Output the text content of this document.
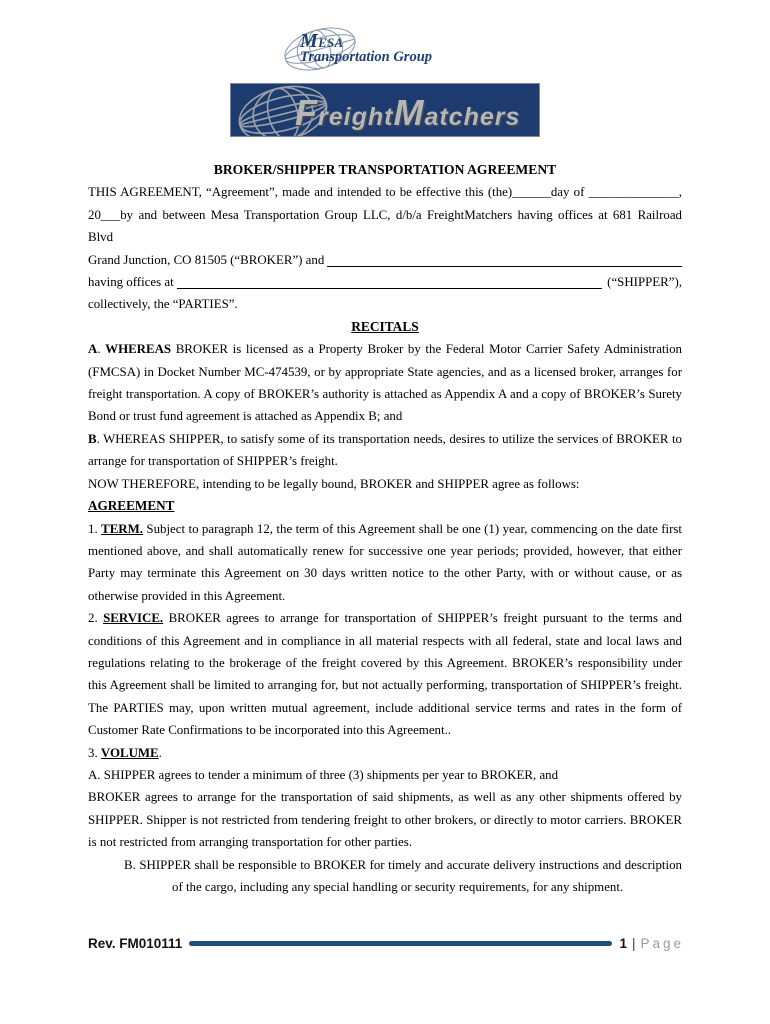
MESA
Transportation Group
FreightMatchers
BROKER/SHIPPER TRANSPORTATION AGREEMENT

THIS AGREEMENT, “Agreement”, made and intended to be effective this (the)______day of ______________,

20___by and between Mesa Transportation Group LLC, d/b/a FreightMatchers having offices at 681 Railroad Blvd

Grand Junction, CO 81505 (“BROKER”) and
having offices at	(“SHIPPER”),

collectively, the “PARTIES”.

RECITALS

A. WHEREAS BROKER is licensed as a Property Broker by the Federal Motor Carrier Safety Administration (FMCSA) in Docket Number MC-474539, or by appropriate State agencies, and as a licensed broker, arranges for freight transportation. A copy of BROKER’s authority is attached as Appendix A and a copy of BROKER’s Surety Bond or trust fund agreement is attached as Appendix B; and

B. WHEREAS SHIPPER, to satisfy some of its transportation needs, desires to utilize the services of BROKER to arrange for transportation of SHIPPER’s freight.

NOW THEREFORE, intending to be legally bound, BROKER and SHIPPER agree as follows:

AGREEMENT

1. TERM. Subject to paragraph 12, the term of this Agreement shall be one (1) year, commencing on the date first mentioned above, and shall automatically renew for successive one year periods; provided, however, that either Party may terminate this Agreement on 30 days written notice to the other Party, with or without cause, or as otherwise provided in this Agreement.

2. SERVICE. BROKER agrees to arrange for transportation of SHIPPER’s freight pursuant to the terms and conditions of this Agreement and in compliance in all material respects with all federal, state and local laws and regulations relating to the brokerage of the freight covered by this Agreement. BROKER’s responsibility under this Agreement shall be limited to arranging for, but not actually performing, transportation of SHIPPER’s freight. The PARTIES may, upon written mutual agreement, include additional service terms and rates in the form of Customer Rate Confirmations to be incorporated into this Agreement..

3. VOLUME.

A. SHIPPER agrees to tender a minimum of three (3) shipments per year to BROKER, and

BROKER agrees to arrange for the transportation of said shipments, as well as any other shipments offered by SHIPPER. Shipper is not restricted from tendering freight to other brokers, or directly to motor carriers. BROKER is not restricted from arranging transportation for other parties.

B. SHIPPER shall be responsible to BROKER for timely and accurate delivery instructions and description of the cargo, including any special handling or security requirements, for any shipment.

Rev. FM010111	1 | Page
